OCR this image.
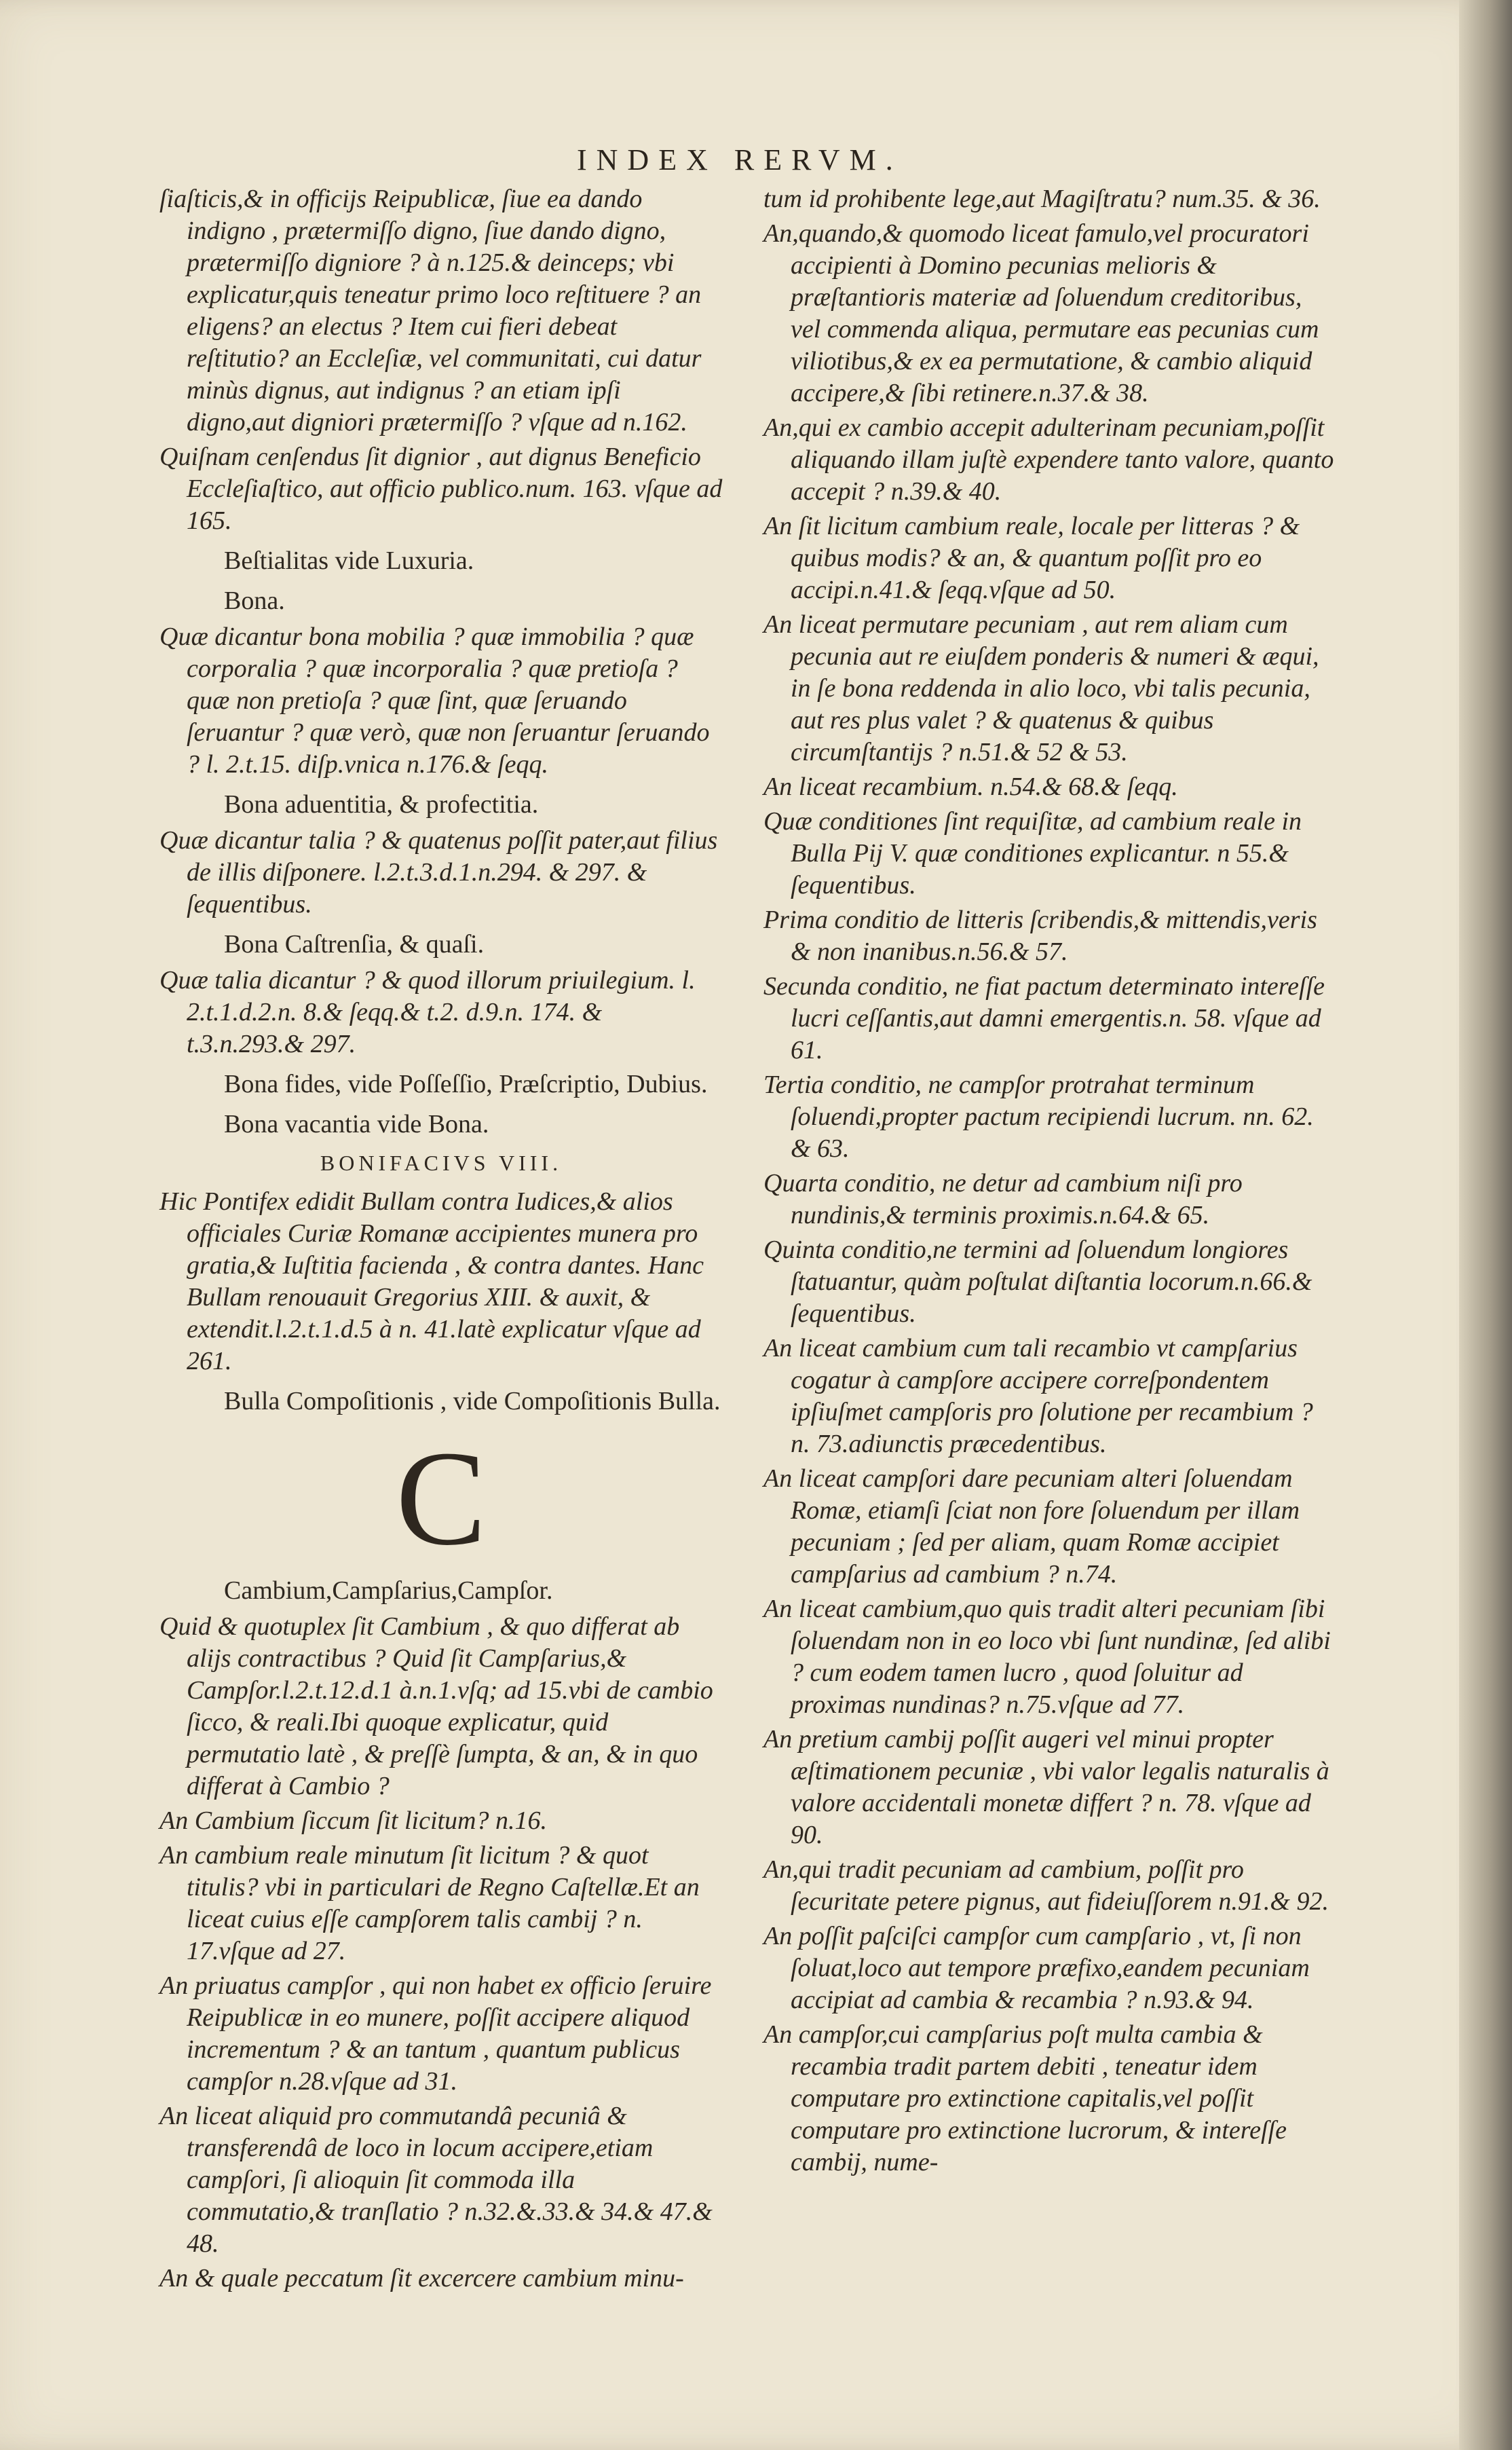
INDEX RERVM.

ſiaſticis,& in officijs Reipublicæ, ſiue ea dando indigno , prætermiſſo digno, ſiue dando digno, prætermiſſo digniore ? à n.125.& deinceps; vbi explicatur,quis teneatur primo loco reſtituere ? an eligens? an electus ? Item cui fieri debeat reſtitutio? an Eccleſiæ, vel communitati, cui datur minùs dignus, aut indignus ? an etiam ipſi digno,aut digniori prætermiſſo ? vſque ad n.162.

Quiſnam cenſendus ſit dignior , aut dignus Beneficio Eccleſiaſtico, aut officio publico.num. 163. vſque ad 165.

Beſtialitas vide Luxuria.

Bona.

Quæ dicantur bona mobilia ? quæ immobilia ? quæ corporalia ? quæ incorporalia ? quæ pretioſa ? quæ non pretioſa ? quæ ſint, quæ ſeruando ſeruantur ? quæ verò, quæ non ſeruantur ſeruando ? l. 2.t.15. diſp.vnica n.176.& ſeqq.

Bona aduentitia, & profectitia.

Quæ dicantur talia ? & quatenus poſſit pater,aut filius de illis diſponere. l.2.t.3.d.1.n.294. & 297. & ſequentibus.

Bona Caſtrenſia, & quaſi.

Quæ talia dicantur ? & quod illorum priuilegium. l. 2.t.1.d.2.n. 8.& ſeqq.& t.2. d.9.n. 174. & t.3.n.293.& 297.

Bona fides, vide Poſſeſſio, Præſcriptio, Dubius.

Bona vacantia vide Bona.

BONIFACIVS VIII.

Hic Pontifex edidit Bullam contra Iudices,& alios officiales Curiæ Romanæ accipientes munera pro gratia,& Iuſtitia facienda , & contra dantes. Hanc Bullam renouauit Gregorius XIII. & auxit, & extendit.l.2.t.1.d.5 à n. 41.latè explicatur vſque ad 261.

Bulla Compoſitionis , vide Compoſitionis Bulla.

C

Cambium,Campſarius,Campſor.

Quid & quotuplex ſit Cambium , & quo differat ab alijs contractibus ? Quid ſit Campſarius,& Campſor.l.2.t.12.d.1 à.n.1.vſq; ad 15.vbi de cambio ſicco, & reali.Ibi quoque explicatur, quid permutatio latè , & preſſè ſumpta, & an, & in quo differat à Cambio ?

An Cambium ſiccum ſit licitum? n.16.

An cambium reale minutum ſit licitum ? & quot titulis? vbi in particulari de Regno Caſtellæ.Et an liceat cuius eſſe campſorem talis cambij ? n. 17.vſque ad 27.

An priuatus campſor , qui non habet ex officio ſeruire Reipublicæ in eo munere, poſſit accipere aliquod incrementum ? & an tantum , quantum publicus campſor n.28.vſque ad 31.

An liceat aliquid pro commutandâ pecuniâ & transferendâ de loco in locum accipere,etiam campſori, ſi alioquin ſit commoda illa commutatio,& tranſlatio ? n.32.&.33.& 34.& 47.& 48.

An & quale peccatum ſit excercere cambium minu-

tum id prohibente lege,aut Magiſtratu? num.35. & 36.

An,quando,& quomodo liceat famulo,vel procuratori accipienti à Domino pecunias melioris & præſtantioris materiæ ad ſoluendum creditoribus, vel commenda aliqua, permutare eas pecunias cum viliotibus,& ex ea permutatione, & cambio aliquid accipere,& ſibi retinere.n.37.& 38.

An,qui ex cambio accepit adulterinam pecuniam,poſſit aliquando illam juſtè expendere tanto valore, quanto accepit ? n.39.& 40.

An ſit licitum cambium reale, locale per litteras ? & quibus modis? & an, & quantum poſſit pro eo accipi.n.41.& ſeqq.vſque ad 50.

An liceat permutare pecuniam , aut rem aliam cum pecunia aut re eiuſdem ponderis & numeri & æqui, in ſe bona reddenda in alio loco, vbi talis pecunia, aut res plus valet ? & quatenus & quibus circumſtantijs ? n.51.& 52 & 53.

An liceat recambium. n.54.& 68.& ſeqq.

Quæ conditiones ſint requiſitæ, ad cambium reale in Bulla Pij V. quæ conditiones explicantur. n 55.& ſequentibus.

Prima conditio de litteris ſcribendis,& mittendis,veris & non inanibus.n.56.& 57.

Secunda conditio, ne fiat pactum determinato intereſſe lucri ceſſantis,aut damni emergentis.n. 58. vſque ad 61.

Tertia conditio, ne campſor protrahat terminum ſoluendi,propter pactum recipiendi lucrum. nn. 62. & 63.

Quarta conditio, ne detur ad cambium niſi pro nundinis,& terminis proximis.n.64.& 65.

Quinta conditio,ne termini ad ſoluendum longiores ſtatuantur, quàm poſtulat diſtantia locorum.n.66.& ſequentibus.

An liceat cambium cum tali recambio vt campſarius cogatur à campſore accipere correſpondentem ipſiuſmet campſoris pro ſolutione per recambium ? n. 73.adiunctis præcedentibus.

An liceat campſori dare pecuniam alteri ſoluendam Romæ, etiamſi ſciat non fore ſoluendum per illam pecuniam ; ſed per aliam, quam Romæ accipiet campſarius ad cambium ? n.74.

An liceat cambium,quo quis tradit alteri pecuniam ſibi ſoluendam non in eo loco vbi ſunt nundinæ, ſed alibi ? cum eodem tamen lucro , quod ſoluitur ad proximas nundinas? n.75.vſque ad 77.

An pretium cambij poſſit augeri vel minui propter æſtimationem pecuniæ , vbi valor legalis naturalis à valore accidentali monetæ differt ? n. 78. vſque ad 90.

An,qui tradit pecuniam ad cambium, poſſit pro ſecuritate petere pignus, aut fideiuſſorem n.91.& 92.

An poſſit paſciſci campſor cum campſario , vt, ſi non ſoluat,loco aut tempore præfixo,eandem pecuniam accipiat ad cambia & recambia ? n.93.& 94.

An campſor,cui campſarius poſt multa cambia & recambia tradit partem debiti , teneatur idem computare pro extinctione capitalis,vel poſſit computare pro extinctione lucrorum, & intereſſe cambij, nume-
